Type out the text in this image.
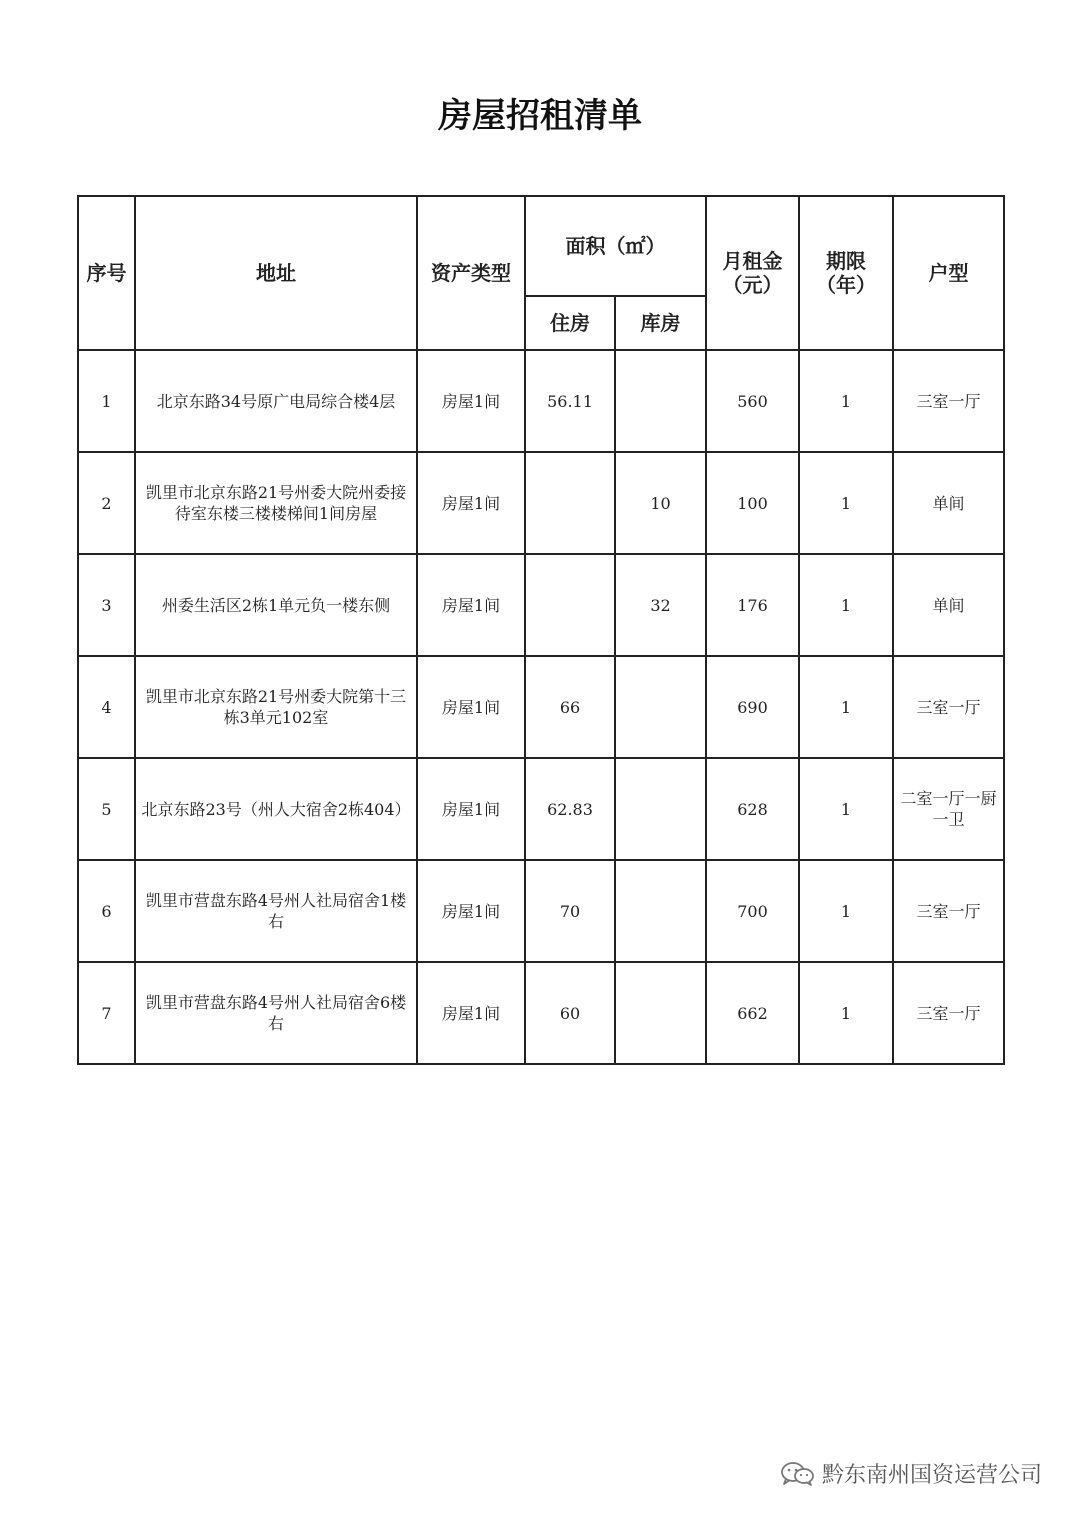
房屋招租清单
序号	地址	资产类型	面积（㎡）		月租金（元）	期限（年）	户型
			住房	库房			
1	北京东路34号原广电局综合楼4层	房屋1间	56.11		560	1	三室一厅
2	凯里市北京东路21号州委大院州委接待室东楼三楼楼梯间1间房屋	房屋1间		10	100	1	单间
3	州委生活区2栋1单元负一楼东侧	房屋1间		32	176	1	单间
4	凯里市北京东路21号州委大院第十三栋3单元102室	房屋1间	66		690	1	三室一厅
5	北京东路23号（州人大宿舍2栋404）	房屋1间	62.83		628	1	二室一厅一厨一卫
6	凯里市营盘东路4号州人社局宿舍1楼右	房屋1间	70		700	1	三室一厅
7	凯里市营盘东路4号州人社局宿舍6楼右	房屋1间	60		662	1	三室一厅
黔东南州国资运营公司
